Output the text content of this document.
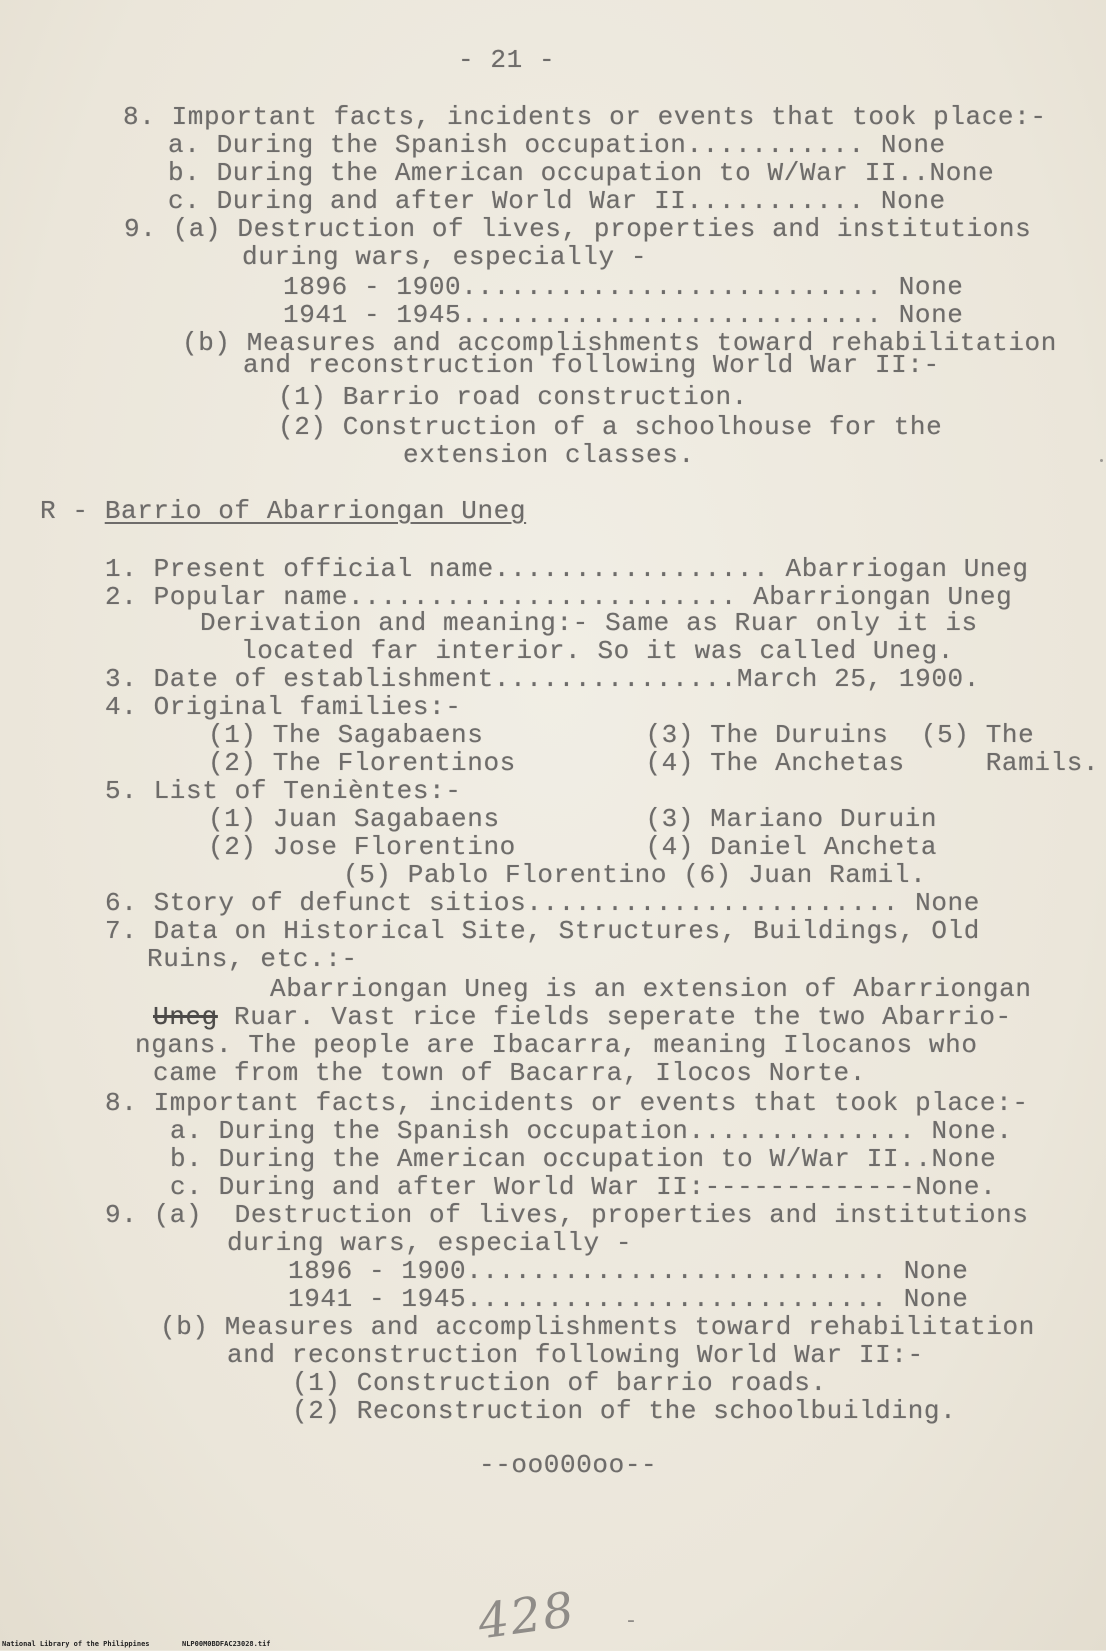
- 21 -
8. Important facts, incidents or events that took place:-
a. During the Spanish occupation........... None
b. During the American occupation to W/War II..None
c. During and after World War II........... None
9. (a) Destruction of lives, properties and institutions
during wars, especially -
1896 - 1900.......................... None
1941 - 1945.......................... None
(b) Measures and accomplishments toward rehabilitation
and reconstruction following World War II:-
(1) Barrio road construction.
(2) Construction of a schoolhouse for the
extension classes.
R - Barrio of Abarriongan Uneg
1. Present official name................. Abarriogan Uneg
2. Popular name........................ Abarriongan Uneg
Derivation and meaning:- Same as Ruar only it is
located far interior. So it was called Uneg.
3. Date of establishment...............March 25, 1900.
4. Original families:-
(1) The Sagabaens          (3) The Duruins  (5) The
(2) The Florentinos        (4) The Anchetas     Ramils.
5. List of Tenièntes:-
(1) Juan Sagabaens         (3) Mariano Duruin
(2) Jose Florentino        (4) Daniel Ancheta
(5) Pablo Florentino (6) Juan Ramil.
6. Story of defunct sitios....................... None
7. Data on Historical Site, Structures, Buildings, Old
Ruins, etc.:-
Abarriongan Uneg is an extension of Abarriongan
Uneg Ruar. Vast rice fields seperate the two Abarrio-
ngans. The people are Ibacarra, meaning Ilocanos who
came from the town of Bacarra, Ilocos Norte.
8. Important facts, incidents or events that took place:-
a. During the Spanish occupation.............. None.
b. During the American occupation to W/War II..None
c. During and after World War II:-------------None.
9. (a)  Destruction of lives, properties and institutions
during wars, especially -
1896 - 1900.......................... None
1941 - 1945.......................... None
(b) Measures and accomplishments toward rehabilitation
and reconstruction following World War II:-
(1) Construction of barrio roads.
(2) Reconstruction of the schoolbuilding.
--oo000oo--
428 -
National Library of the Philippines	NLP00M0BDFAC23028.tif
